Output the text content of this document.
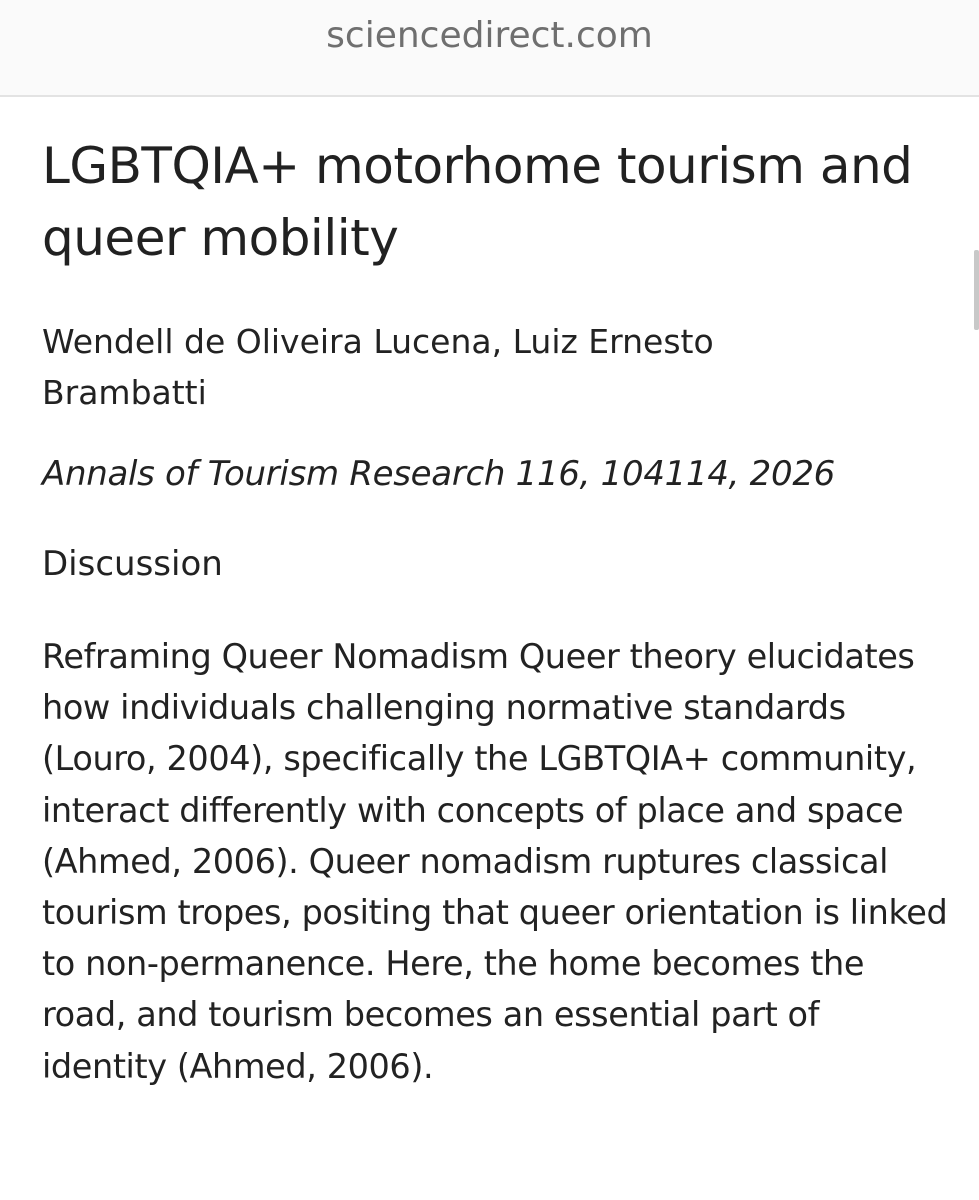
sciencedirect.com
LGBTQIA+ motorhome tourism and queer mobility
Wendell de Oliveira Lucena, Luiz Ernesto Brambatti
Annals of Tourism Research 116, 104114, 2026
Discussion
Reframing Queer Nomadism Queer theory elucidates how individuals challenging normative standards (Louro, 2004), specifically the LGBTQIA+ community, interact differently with concepts of place and space (Ahmed, 2006). Queer nomadism ruptures classical tourism tropes, positing that queer orientation is linked to non-permanence. Here, the home becomes the road, and tourism becomes an essential part of identity (Ahmed, 2006).
